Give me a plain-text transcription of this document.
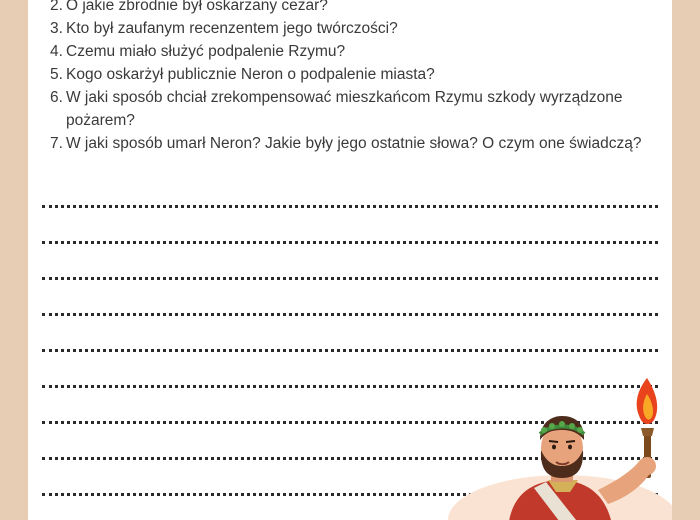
2. O jakie zbrodnie był oskarżany cezar?
3. Kto był zaufanym recenzentem jego twórczości?
4. Czemu miało służyć podpalenie Rzymu?
5. Kogo oskarżył publicznie Neron o podpalenie miasta?
6. W jaki sposób chciał zrekompensować mieszkańcom Rzymu szkody wyrządzone pożarem?
7. W jaki sposób umarł Neron? Jakie były jego ostatnie słowa? O czym one świadczą?
